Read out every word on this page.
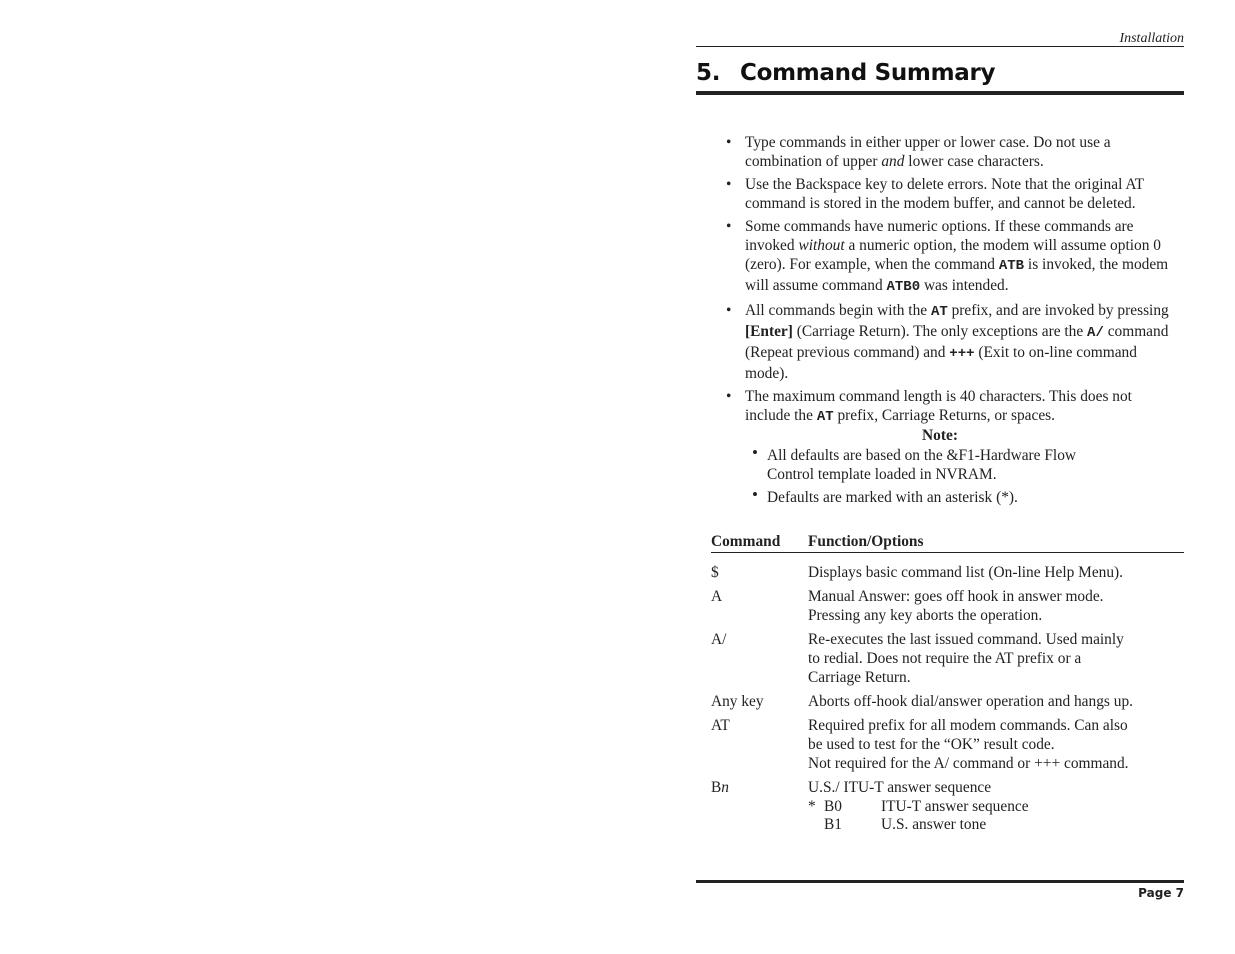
Installation
5. Command Summary
• Type commands in either upper or lower case. Do not use a combination of upper and lower case characters.
• Use the Backspace key to delete errors. Note that the original AT command is stored in the modem buffer, and cannot be deleted.
• Some commands have numeric options. If these commands are invoked without a numeric option, the modem will assume option 0 (zero). For example, when the command ATB is invoked, the modem will assume command ATB0 was intended.
• All commands begin with the AT prefix, and are invoked by pressing [Enter] (Carriage Return). The only exceptions are the A/ command (Repeat previous command) and +++ (Exit to on-line command mode).
• The maximum command length is 40 characters. This does not include the AT prefix, Carriage Returns, or spaces.
Note:
• All defaults are based on the &F1-Hardware Flow Control template loaded in NVRAM.
• Defaults are marked with an asterisk (*).
Command Function/Options
$	Displays basic command list (On-line Help Menu).
A	Manual Answer: goes off hook in answer mode.
Pressing any key aborts the operation.
A/	Re-executes the last issued command. Used mainly
to redial. Does not require the AT prefix or a
Carriage Return.
Any key	Aborts off-hook dial/answer operation and hangs up.
AT	Required prefix for all modem commands. Can also
be used to test for the “OK” result code.
Not required for the A/ command or +++ command.
Bn	U.S./ ITU-T answer sequence
* B0	ITU-T answer sequence
B1	U.S. answer tone
Page 7
